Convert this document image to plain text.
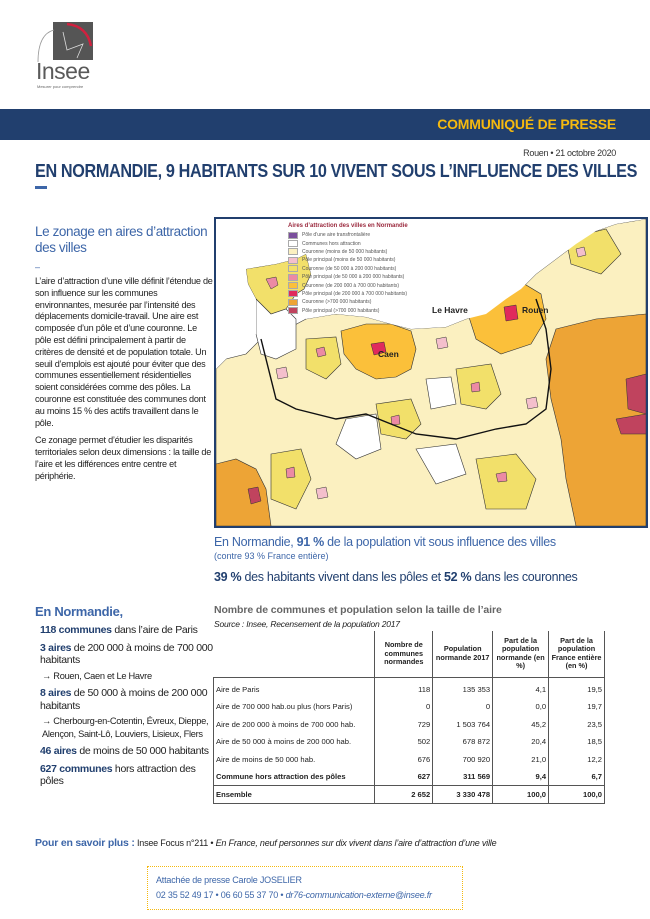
Insee
Mesurer pour comprendre
COMMUNIQUÉ DE PRESSE
Rouen • 21 octobre 2020
EN NORMANDIE, 9 HABITANTS SUR 10 VIVENT SOUS L’INFLUENCE DES VILLES
Le zonage en aires d’attraction des villes
–

L’aire d’attraction d’une ville définit l’étendue de son influence sur les communes environnantes, mesurée par l’intensité des déplacements domicile-travail. Une aire est composée d’un pôle et d’une couronne. Le pôle est défini principalement à partir de critères de densité et de population totale. Un seuil d’emplois est ajouté pour éviter que des communes essentiellement résidentielles soient considérées comme des pôles. La couronne est constituée des communes dont au moins 15 % des actifs travaillent dans le pôle.

Ce zonage permet d’étudier les disparités territoriales selon deux dimensions : la taille de l’aire et les différences entre centre et périphérie.

Aires d’attraction des villes en Normandie
Pôle d’une aire transfrontalière
Communes hors attraction
Couronne (moins de 50 000 habitants)
Pôle principal (moins de 50 000 habitants)
Couronne (de 50 000 à 200 000 habitants)
Pôle principal (de 50 000 à 200 000 habitants)
Couronne (de 200 000 à 700 000 habitants)
Pôle principal (de 200 000 à 700 000 habitants)
Couronne (>700 000 habitants)
Pôle principal (>700 000 habitants)	Le Havre	Rouen
Caen
En Normandie, 91 % de la population vit sous influence des villes
(contre 93 % France entière)
39 % des habitants vivent dans les pôles et 52 % dans les couronnes
En Normandie,
118 communes dans l’aire de Paris
3 aires de 200 000 à moins de 700 000 habitants
→ Rouen, Caen et Le Havre
8 aires de 50 000 à moins de 200 000 habitants
→ Cherbourg-en-Cotentin, Évreux, Dieppe, Alençon, Saint-Lô, Louviers, Lisieux, Flers
46 aires de moins de 50 000 habitants
627 communes hors attraction des pôles
Nombre de communes et population selon la taille de l’aire
Source : Insee, Recensement de la population 2017
	Nombre de communes normandes	Population normande 2017	Part de la population normande (en %)	Part de la population France entière (en %)
Aire de Paris	118	135 353	4,1	19,5
Aire de 700 000 hab.ou plus (hors Paris)	0	0	0,0	19,7
Aire de 200 000 à moins de 700 000 hab.	729	1 503 764	45,2	23,5
Aire de 50 000 à moins de 200 000 hab.	502	678 872	20,4	18,5
Aire de moins de 50 000 hab.	676	700 920	21,0	12,2
Commune hors attraction des pôles	627	311 569	9,4	6,7
Ensemble	2 652	3 330 478	100,0	100,0
Pour en savoir plus : Insee Focus n°211 • En France, neuf personnes sur dix vivent dans l’aire d’attraction d’une ville
Attachée de presse Carole JOSELIER
02 35 52 49 17 • 06 60 55 37 70 • dr76-communication-externe@insee.fr
